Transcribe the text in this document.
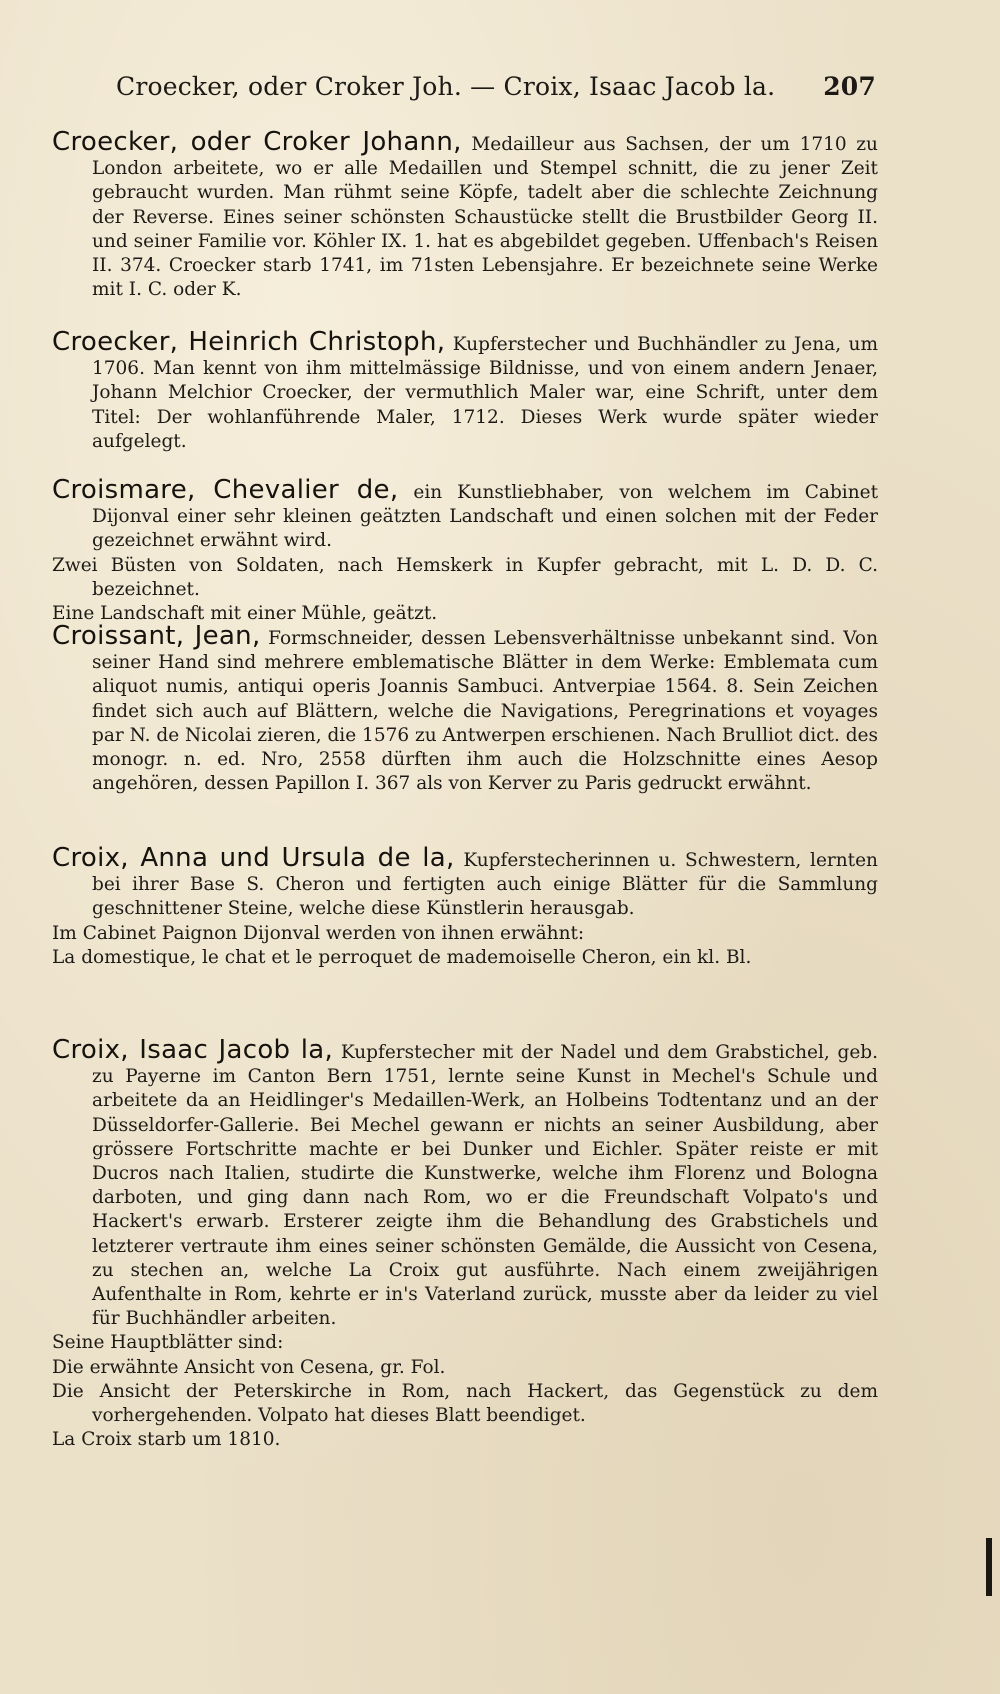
Croecker, oder Croker Joh. — Croix, Isaac Jacob la. 207

Croecker, oder Croker Johann, Medailleur aus Sachsen, der um 1710 zu London arbeitete, wo er alle Medaillen und Stempel schnitt, die zu jener Zeit gebraucht wurden. Man rühmt seine Köpfe, tadelt aber die schlechte Zeichnung der Reverse. Eines seiner schönsten Schaustücke stellt die Brustbilder Georg II. und seiner Familie vor. Köhler IX. 1. hat es abgebildet gegeben. Uffenbach's Reisen II. 374. Croecker starb 1741, im 71sten Lebensjahre. Er bezeichnete seine Werke mit I. C. oder K.

Croecker, Heinrich Christoph, Kupferstecher und Buchhändler zu Jena, um 1706. Man kennt von ihm mittelmässige Bildnisse, und von einem andern Jenaer, Johann Melchior Croecker, der vermuthlich Maler war, eine Schrift, unter dem Titel: Der wohlanführende Maler, 1712. Dieses Werk wurde später wieder aufgelegt.

Croismare, Chevalier de, ein Kunstliebhaber, von welchem im Cabinet Dijonval einer sehr kleinen geätzten Landschaft und einen solchen mit der Feder gezeichnet erwähnt wird.

Zwei Büsten von Soldaten, nach Hemskerk in Kupfer gebracht, mit L. D. D. C. bezeichnet.

Eine Landschaft mit einer Mühle, geätzt.

Croissant, Jean, Formschneider, dessen Lebensverhältnisse unbekannt sind. Von seiner Hand sind mehrere emblematische Blätter in dem Werke: Emblemata cum aliquot numis, antiqui operis Joannis Sambuci. Antverpiae 1564. 8. Sein Zeichen findet sich auch auf Blättern, welche die Navigations, Peregrinations et voyages par N. de Nicolai zieren, die 1576 zu Antwerpen erschienen. Nach Brulliot dict. des monogr. n. ed. Nro, 2558 dürften ihm auch die Holzschnitte eines Aesop angehören, dessen Papillon I. 367 als von Kerver zu Paris gedruckt erwähnt.

Croix, Anna und Ursula de la, Kupferstecherinnen u. Schwestern, lernten bei ihrer Base S. Cheron und fertigten auch einige Blätter für die Sammlung geschnittener Steine, welche diese Künstlerin herausgab.

Im Cabinet Paignon Dijonval werden von ihnen erwähnt:

La domestique, le chat et le perroquet de mademoiselle Cheron, ein kl. Bl.

Croix, Isaac Jacob la, Kupferstecher mit der Nadel und dem Grabstichel, geb. zu Payerne im Canton Bern 1751, lernte seine Kunst in Mechel's Schule und arbeitete da an Heidlinger's Medaillen-Werk, an Holbeins Todtentanz und an der Düsseldorfer-Gallerie. Bei Mechel gewann er nichts an seiner Ausbildung, aber grössere Fortschritte machte er bei Dunker und Eichler. Später reiste er mit Ducros nach Italien, studirte die Kunstwerke, welche ihm Florenz und Bologna darboten, und ging dann nach Rom, wo er die Freundschaft Volpato's und Hackert's erwarb. Ersterer zeigte ihm die Behandlung des Grabstichels und letzterer vertraute ihm eines seiner schönsten Gemälde, die Aussicht von Cesena, zu stechen an, welche La Croix gut ausführte. Nach einem zweijährigen Aufenthalte in Rom, kehrte er in's Vaterland zurück, musste aber da leider zu viel für Buchhändler arbeiten.

Seine Hauptblätter sind:

Die erwähnte Ansicht von Cesena, gr. Fol.

Die Ansicht der Peterskirche in Rom, nach Hackert, das Gegenstück zu dem vorhergehenden. Volpato hat dieses Blatt beendiget.

La Croix starb um 1810.
